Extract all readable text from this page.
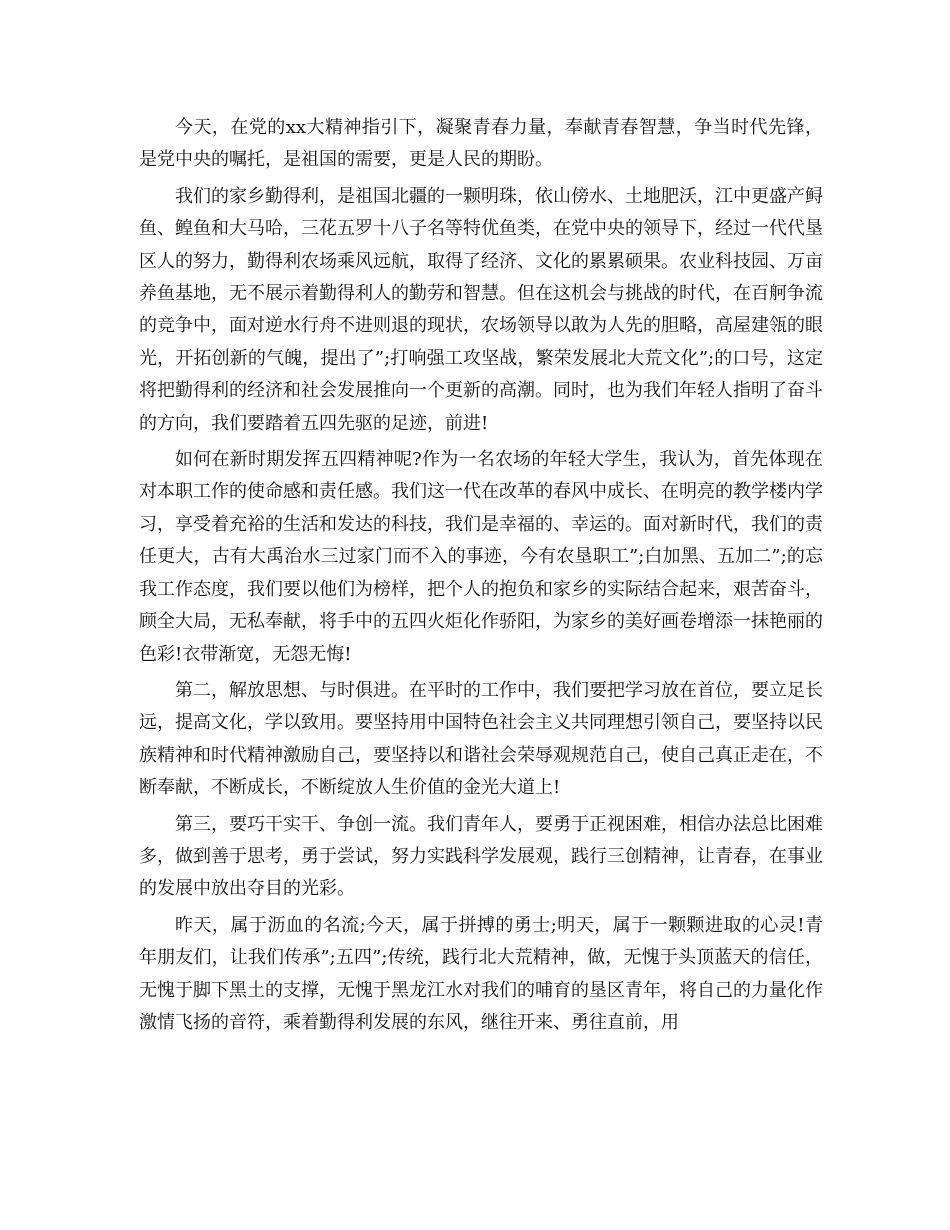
今天，在党的xx大精神指引下，凝聚青春力量，奉献青春智慧，争当时代先锋，是党中央的嘱托，是祖国的需要，更是人民的期盼。

我们的家乡勤得利，是祖国北疆的一颗明珠，依山傍水、土地肥沃，江中更盛产鲟鱼、鳇鱼和大马哈，三花五罗十八子名等特优鱼类，在党中央的领导下，经过一代代垦区人的努力，勤得利农场乘风远航，取得了经济、文化的累累硕果。农业科技园、万亩养鱼基地，无不展示着勤得利人的勤劳和智慧。但在这机会与挑战的时代，在百舸争流的竞争中，面对逆水行舟不进则退的现状，农场领导以敢为人先的胆略，高屋建瓴的眼光，开拓创新的气魄，提出了”;打响强工攻坚战，繁荣发展北大荒文化”;的口号，这定将把勤得利的经济和社会发展推向一个更新的高潮。同时，也为我们年轻人指明了奋斗的方向，我们要踏着五四先驱的足迹，前进!

如何在新时期发挥五四精神呢?作为一名农场的年轻大学生，我认为，首先体现在对本职工作的使命感和责任感。我们这一代在改革的春风中成长、在明亮的教学楼内学习，享受着充裕的生活和发达的科技，我们是幸福的、幸运的。面对新时代，我们的责任更大，古有大禹治水三过家门而不入的事迹，今有农垦职工”;白加黑、五加二”;的忘我工作态度，我们要以他们为榜样，把个人的抱负和家乡的实际结合起来，艰苦奋斗，顾全大局，无私奉献，将手中的五四火炬化作骄阳，为家乡的美好画卷增添一抹艳丽的色彩!衣带渐宽，无怨无悔!

第二，解放思想、与时俱进。在平时的工作中，我们要把学习放在首位，要立足长远，提高文化，学以致用。要坚持用中国特色社会主义共同理想引领自己，要坚持以民族精神和时代精神激励自己，要坚持以和谐社会荣辱观规范自己，使自己真正走在，不断奉献，不断成长，不断绽放人生价值的金光大道上!

第三，要巧干实干、争创一流。我们青年人，要勇于正视困难，相信办法总比困难多，做到善于思考，勇于尝试，努力实践科学发展观，践行三创精神，让青春，在事业的发展中放出夺目的光彩。

昨天，属于沥血的名流;今天，属于拼搏的勇士;明天，属于一颗颗进取的心灵!青年朋友们，让我们传承”;五四”;传统，践行北大荒精神，做，无愧于头顶蓝天的信任，无愧于脚下黑土的支撑，无愧于黑龙江水对我们的哺育的垦区青年，将自己的力量化作激情飞扬的音符，乘着勤得利发展的东风，继往开来、勇往直前，用
